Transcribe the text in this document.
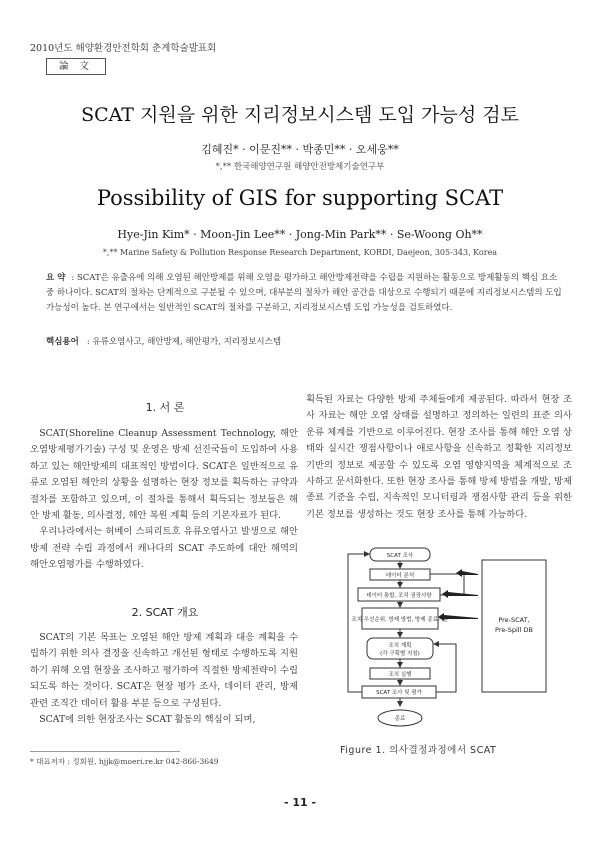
2010년도 해양환경안전학회 춘계학술발표회
論 文
SCAT 지원을 위한 지리정보시스템 도입 가능성 검토
김혜진* · 이문진** · 박종민** · 오세웅**
*,** 한국해양연구원 해양안전방제기술연구부
Possibility of GIS for supporting SCAT
Hye-Jin Kim* · Moon-Jin Lee** · Jong-Min Park** · Se-Woong Oh**
*,** Marine Safety & Pollution Response Research Department, KORDI, Daejeon, 305-343, Korea
요 약 : SCAT은 유출유에 의해 오염된 해안방제를 위해 오염을 평가하고 해안방제전략을 수립을 지원하는 활동으로 방제활동의 핵심 요소 중 하나이다. SCAT의 절차는 단계적으로 구분될 수 있으며, 대부분의 절차가 해안 공간을 대상으로 수행되기 때문에 지리정보시스템의 도입 가능성이 높다. 본 연구에서는 일반적인 SCAT의 절차를 구분하고, 지리정보시스템 도입 가능성을 검토하였다.
핵심용어 : 유류오염사고, 해안방제, 해안평가, 지리정보시스템
1. 서 론

SCAT(Shoreline Cleanup Assessment Technology, 해안오염방제평가기술) 구성 및 운영은 방제 선진국들이 도입하여 사용하고 있는 해안방제의 대표적인 방법이다. SCAT은 일반적으로 유류로 오염된 해안의 상황을 설명하는 현장 정보를 획득하는 규약과 절차를 포함하고 있으며, 이 절차를 통해서 획득되는 정보들은 해안 방제 활동, 의사결정, 해안 복원 계획 등의 기본자료가 된다.

우리나라에서는 허베이 스피리트호 유류오염사고 발생으로 해안방제 전략 수립 과정에서 캐나다의 SCAT 주도하에 대안 해역의 해안오염평가를 수행하였다.

2. SCAT 개요

SCAT의 기본 목표는 오염된 해안 방제 계획과 대응 계획을 수립하기 위한 의사 결정을 신속하고 개선된 형태로 수행하도록 지원하기 위해 오염 현장을 조사하고 평가하여 직절한 방제전략이 수립되도록 하는 것이다. SCAT은 현장 평가 조사, 데이터 관리, 방제 관련 조직간 데이터 활용 부분 등으로 구성된다.

SCAT에 의한 현장조사는 SCAT 활동의 핵심이 되며,

획득된 자료는 다양한 방제 주체들에게 제공된다. 따라서 현장 조사 자료는 해안 오염 상태를 설명하고 정의하는 일련의 표준 의사운류 체계를 기반으로 이루어진다. 현장 조사를 통해 해안 오염 상태와 실시간 쟁점사항이나 애로사항을 신속하고 정확한 지리정보 기반의 정보로 제공할 수 있도록 오염 영향지역을 체계적으로 조사하고 문서화한다. 또한 현장 조사를 통해 방제 방법을 개발, 방제 종료 기준을 수립, 지속적인 모니터링과 쟁점사항 관리 등을 위한 기본 정보를 생성하는 것도 현장 조사를 통해 가능하다.

SCAT 조사
데이터 분석
데이터 통합, 조치 권장사항
조치 우선순위, 방제 방법, 방제 종료기준
조치 계획
(각 구획별 지침)
조치 실행
SCAT 조사 및 평가
종료
Pre-SCAT,
Pre-Spill DB
Figure 1. 의사결정과정에서 SCAT
* 대표저자 : 정회원, hjjk@moeri.re.kr 042-866-3649
- 11 -
